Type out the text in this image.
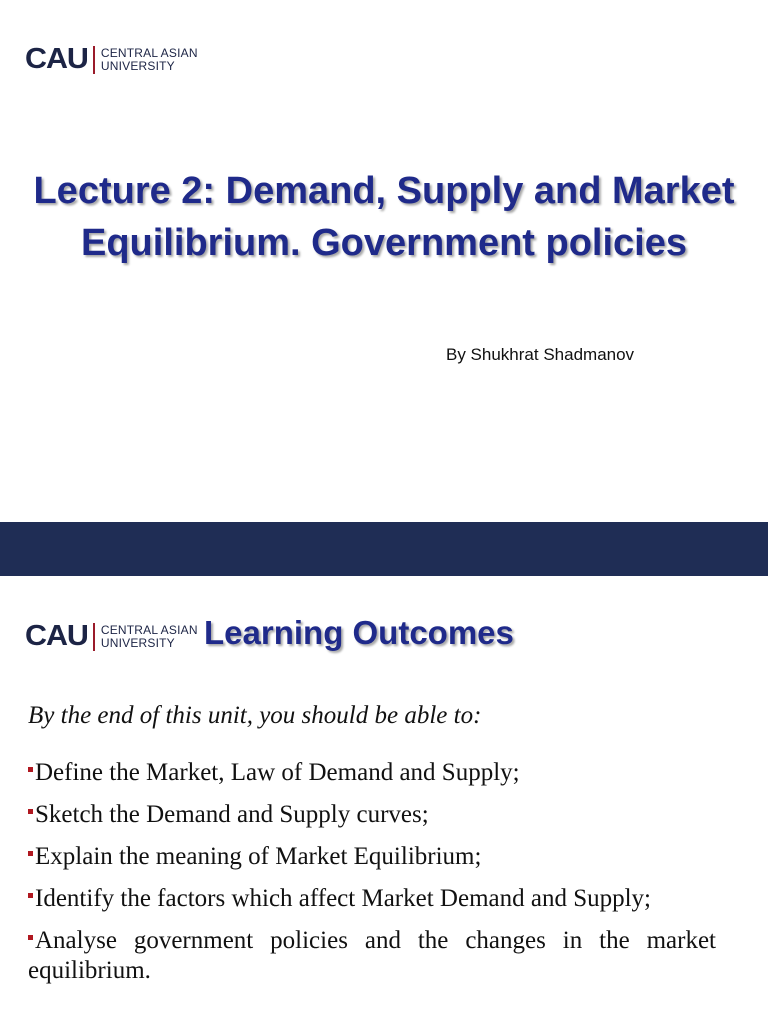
CAU CENTRAL ASIAN
UNIVERSITY
Lecture 2: Demand, Supply and Market Equilibrium. Government policies
By Shukhrat Shadmanov
CAU CENTRAL ASIAN
UNIVERSITY Learning Outcomes
By the end of this unit, you should be able to:
Define the Market, Law of Demand and Supply;
Sketch the Demand and Supply curves;
Explain the meaning of Market Equilibrium;
Identify the factors which affect Market Demand and Supply;
Analyse government policies and the changes in the market equilibrium.
